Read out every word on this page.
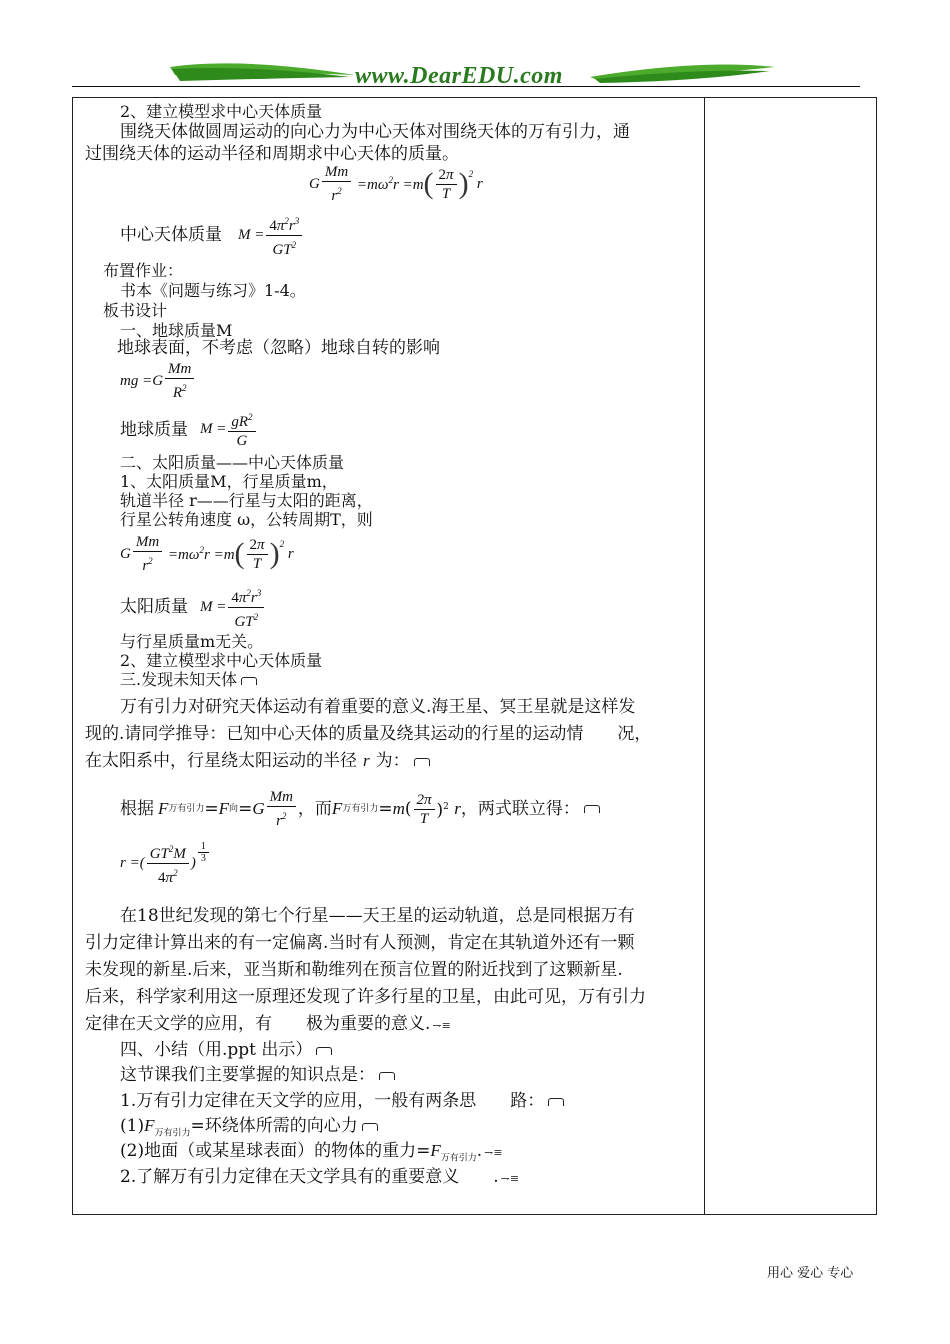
www.DearEDU.com
2、建立模型求中心天体质量
围绕天体做圆周运动的向心力为中心天体对围绕天体的万有引力，通
过围绕天体的运动半径和周期求中心天体的质量。
G $\frac{Mm}{r^2} =m\omega^2r =m$ ( $\frac{2\pi}{T} )^2$
r
中心天体质量 $M = \frac{4\pi^2r^3}{GT^2}$
布置作业：
书本《问题与练习》1-4。
板书设计
一、地球质量M
地球表面，不考虑（忽略）地球自转的影响
mg $=G \frac{Mm}{R^2}$
地球质量 $M = \frac{gR^2}{G}$
二、太阳质量——中心天体质量
1、太阳质量M，行星质量m，
轨道半径 r——行星与太阳的距离，
行星公转角速度 ω，公转周期T，则
G $\frac{Mm}{r^2} =m\omega^2r =m$ ( $\frac{2\pi}{T} )^2$
r
太阳质量 $M = \frac{4\pi^2r^3}{GT^2}$
与行星质量m无关。
2、建立模型求中心天体质量
三.发现未知天体
万有引力对研究天体运动有着重要的意义.海王星、冥王星就是这样发
现的.请同学推导：已知中心天体的质量及绕其运动的行星的运动情　　况，
在太阳系中，行星绕太阳运动的半径 r 为：
根据 F 万有引力 = F 向 = G $\frac{Mm}{r^2}$ ，而 F 万有引力 = m ( $\frac{2\pi}{T} )^2$ r ，两式联立得：
r =( $\frac{GT^2M}{4\pi^2}$ ) $\frac{1}{3}$
在18世纪发现的第七个行星——天王星的运动轨道，总是同根据万有
引力定律计算出来的有一定偏离.当时有人预测，肯定在其轨道外还有一颗
未发现的新星.后来，亚当斯和勒维列在预言位置的附近找到了这颗新星.
后来，科学家利用这一原理还发现了许多行星的卫星，由此可见，万有引力
定律在天文学的应用，有　　极为重要的意义. ⇁≡
四、小结（用.ppt 出示）
这节课我们主要掌握的知识点是：
1.万有引力定律在天文学的应用，一般有两条思　　路：
$(1)F_{万有引力}=$环绕体所需的向心力
(2)地面（或某星球表面）的物体的重力$=F_{万有引力}$. ⇁≡
2.了解万有引力定律在天文学具有的重要意义　　. ⇁≡
用心 爱心 专心
